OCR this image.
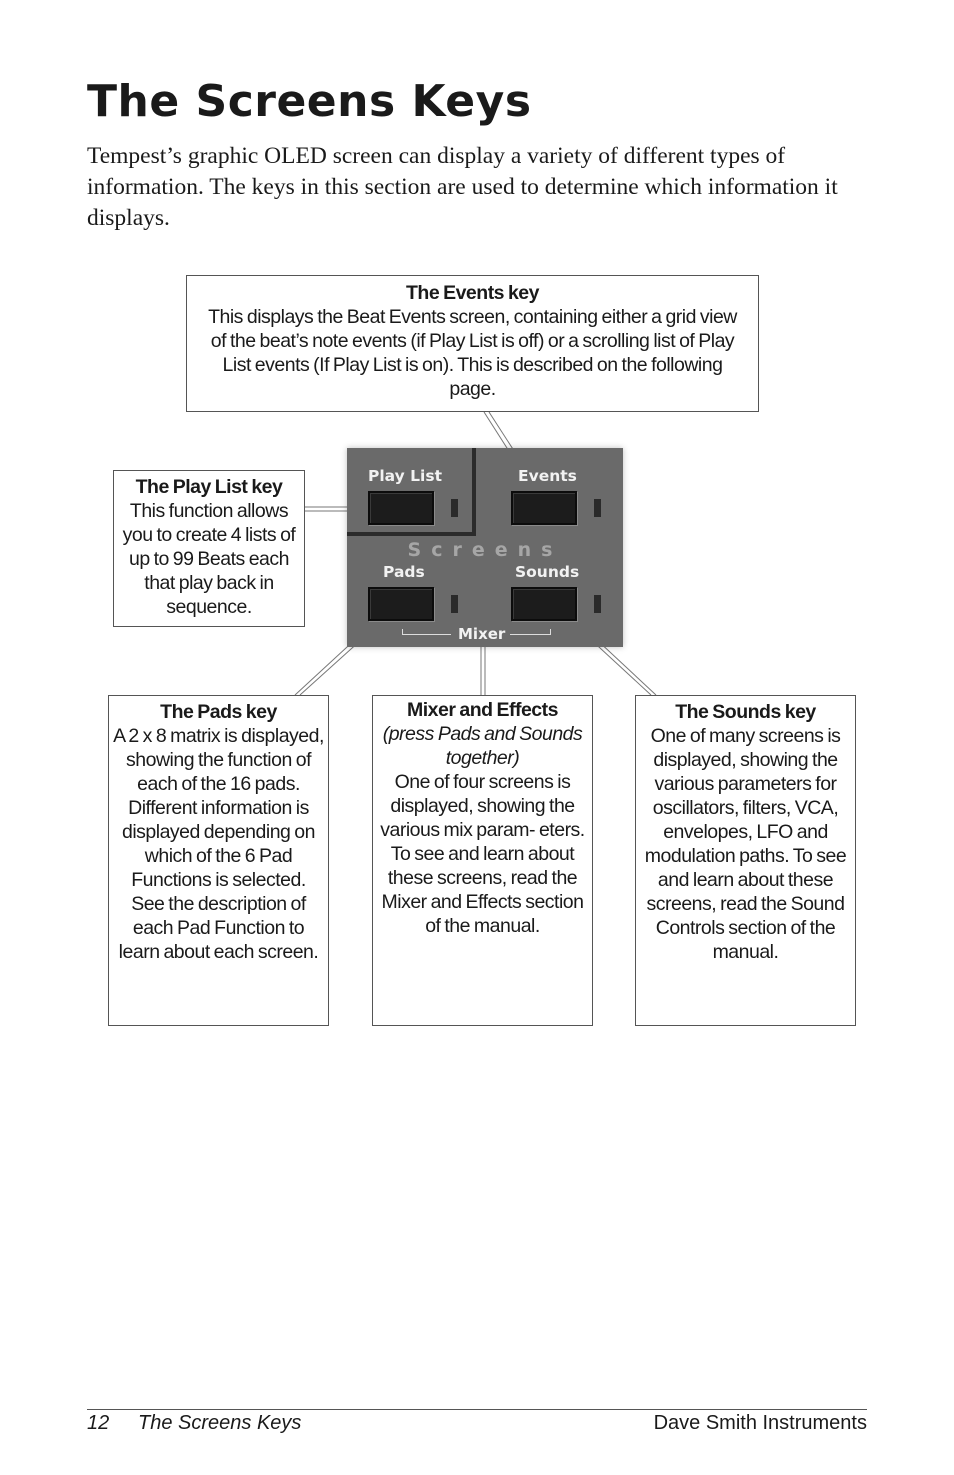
The Screens Keys

Tempest’s graphic OLED screen can display a variety of different types of information. The keys in this section are used to determine which information it displays.

Play List	Events
Screens
Pads	Sounds
Mixer
The Events key
This displays the Beat Events screen, containing either a grid view of the beat’s note events (if Play List is off) or a scrolling list of Play List events (If Play List is on). This is described on the following page.
The Play List key
This function allows you to create 4 lists of up to 99 Beats each that play back in sequence.
The Pads key
A 2 x 8 matrix is displayed, showing the function of each of the 16 pads. Different information is displayed depending on which of the 6 Pad Functions is selected. See the description of each Pad Function to learn about each screen.
Mixer and Effects
(press Pads and Sounds together)
One of four screens is displayed, showing the various mix param- eters. To see and learn about these screens, read the Mixer and Effects section of the manual.
The Sounds key
One of many screens is displayed, showing the various parameters for oscillators, filters, VCA, envelopes, LFO and modulation paths. To see and learn about these screens, read the Sound Controls section of the manual.
12 The Screens Keys	Dave Smith Instruments
